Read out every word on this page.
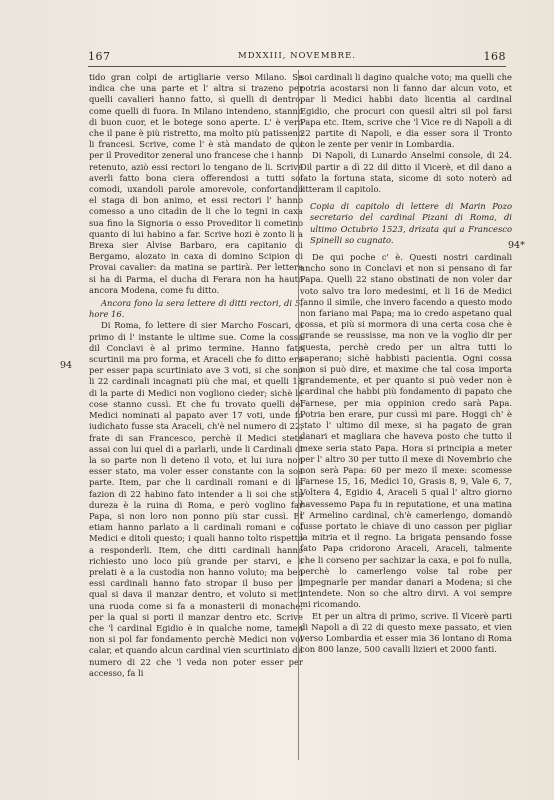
167	MDXXIII, NOVEMBRE.	168
94
94*

tido gran colpi de artigliarie verso Milano. Se indica che una parte et l' altra si trazeno per quelli cavalieri hanno fatto, sì quelli di dentro, come quelli di fuora. In Milano intendeno, stanno di buon cuor, et le botege sono aperte. L' è vero che il pane è più ristretto, ma molto più patisseno li francesi. Scrive, come l' è stà mandato de qui per il Proveditor zeneral uno francese che i hanno retenuto, aziò essi rectori lo tengano de li. Scrive averli fatto bona ciera offerendosi a tutti soi comodi, uxandoli parole amorevole, confortando el staga di bon animo, et essi rectori l' hanno comesso a uno citadin de li che lo tegni in caxa sua fino la Signoria o esso Proveditor li cometino quanto di lui habino a far. Scrive hozi è zonto li a Brexa sier Alvise Barbaro, era capitanio di Bergamo, alozato in caxa di domino Scipion di Provai cavalier: da matina se partirà. Per lettere si ha di Parma, el ducha di Ferara non ha hauto ancora Modena, come fu ditto.

Ancora fono la sera lettere di ditti rectori, di 5, hore 16.

Di Roma, fo lettere di sier Marcho Foscari, di primo di l' instante le ultime sue. Come la cossa dil Conclavi è al primo termine. Hanno fato scurtinii ma pro forma, et Araceli che fo ditto era per esser papa scurtiniato ave 3 voti, si che sono li 22 cardinali incagnati più che mai, et quelli 16 di la parte di Medici non vogliono cieder; sichè le cose stanno cussì. Et che fu trovato quelli del Medici nominati al papato aver 17 voti, unde fo iudichato fusse sta Araceli, ch'è nel numero di 22, frate di san Francesco, perchè il Medici stete assai con lui quel di a parlarli, unde li Cardinali di la so parte non li deteno il voto, et lui iura non esser stato, ma voler esser constante con la soa parte. Item, par che li cardinali romani e di la fazion di 22 habino fato intender a li soi che sta dureza è la ruina di Roma, e però voglino far Papa, si non loro non ponno più star cussì. Et etiam hanno parlato a li cardinali romani e col Medici e ditoli questo; i quali hanno tolto rispetto a responderli. Item, che ditti cardinali hanno richiesto uno loco più grande per starvi, e li prelati è a la custodia non hanno voluto; ma ben essi cardinali hanno fato stropar il buso per il qual si dava il manzar dentro, et voluto si metti una ruoda come si fa a monasterii di monache, per la qual si porti il manzar dentro etc. Scrive che 'l cardinal Egidio è in qualche nome, tamen non si pol far fondamento perchè Medici non vol calar, et quando alcun cardinal vien scurtiniato dil numero di 22 che 'l veda non poter esser per accesso, fa li

soi cardinali li dagino qualche voto; ma quelli che potria acostarsi non li fanno dar alcun voto, et par li Medici habbi dato licentia al cardinal Egidio, che procuri con quesil altri sil pol farsi Papa etc. Item, scrive che 'l Vice re di Napoli a di 22 partite di Napoli, e dia esser sora il Tronto con le zente per venir in Lombardia.

Di Napoli, di Lunardo Anselmi console, di 24. Dil partir a dì 22 dil ditto il Vicerè, et dil dano a fato la fortuna stata, sicome di soto noterò ad litteram il capitolo.

Copia di capitolo di lettere di Marin Pozo secretario del cardinal Pizani di Roma, di ultimo Octubrio 1523, drizata qui a Francesco Spinelli so cugnato.

De qui poche c' è. Questi nostri cardinali ancho sono in Conclavi et non si pensano di far Papa. Quelli 22 stano obstinati de non voler dar voto salvo tra loro medesimi, et li 16 de Medici fanno il simile, che invero facendo a questo modo non fariano mai Papa; ma io credo aspetano qual cossa, et più si mormora di una certa cosa che è grande se reussisse, ma non ve la voglio dir per questa, perchè credo per un altra tutti lo saperano; sichè habbisti pacientia. Ogni cossa non si può dire, et maxime che tal cosa importa grandemente, et per quanto si può veder non è cardinal che habbi più fondamento di papato che Farnese, per mia oppinion credo sarà Papa. Potria ben erare, pur cussì mi pare. Hoggi ch' è stato l' ultimo dil mexe, si ha pagato de gran danari et magliara che haveva posto che tutto il mexe seria stato Papa. Hora si principia a meter per l' altro 30 per tutto il mexe di Novembrio che non serà Papa: 60 per mezo il mexe: scomesse Farnese 15, 16, Medici 10, Grasis 8, 9, Vale 6, 7, Voltera 4, Egidio 4, Araceli 5 qual l' altro giorno havessemo Papa fu in reputatione, et una matina l' Armelino cardinal, ch'è camerlengo, domandò fusse portato le chiave di uno casson per pigliar la mitria et il regno. La brigata pensando fosse fato Papa cridorono Araceli, Araceli, talmente che li corseno per sachizar la caxa, e poi fo nulla, perchè lo camerlengo volse tal robe per impegnarle per mandar danari a Modena; si che intendete. Non so che altro dirvi. A voi sempre mi ricomando.

Et per un altra di primo, scrive. Il Vicerè parti di Napoli a dì 22 di questo mexe passato, et vien verso Lombardia et esser mia 36 lontano di Roma con 800 lanze, 500 cavalli lizieri et 2000 fanti.
